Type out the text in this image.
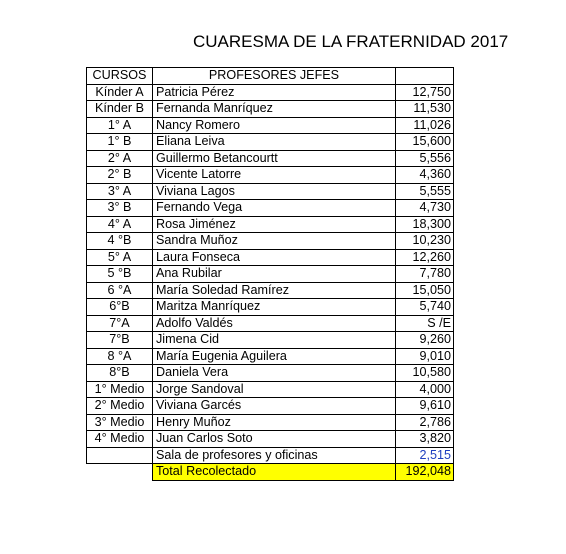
CUARESMA DE LA FRATERNIDAD 2017
CURSOS	PROFESORES JEFES	
Kínder A	Patricia Pérez	12,750
Kínder B	Fernanda Manríquez	11,530
1° A	Nancy Romero	11,026
1° B	Eliana Leiva	15,600
2° A	Guillermo Betancourtt	5,556
2° B	Vicente Latorre	4,360
3° A	Viviana Lagos	5,555
3° B	Fernando Vega	4,730
4° A	Rosa Jiménez	18,300
4 °B	Sandra Muñoz	10,230
5° A	Laura Fonseca	12,260
5 °B	Ana Rubilar	7,780
6 °A	María Soledad Ramírez	15,050
6°B	Maritza Manríquez	5,740
7°A	Adolfo Valdés	S /E
7°B	Jimena Cid	9,260
8 °A	María Eugenia Aguilera	9,010
8°B	Daniela Vera	10,580
1° Medio	Jorge Sandoval	4,000
2° Medio	Viviana Garcés	9,610
3° Medio	Henry Muñoz	2,786
4° Medio	Juan Carlos Soto	3,820
	Sala de profesores y oficinas	2,515
	Total Recolectado	192,048
